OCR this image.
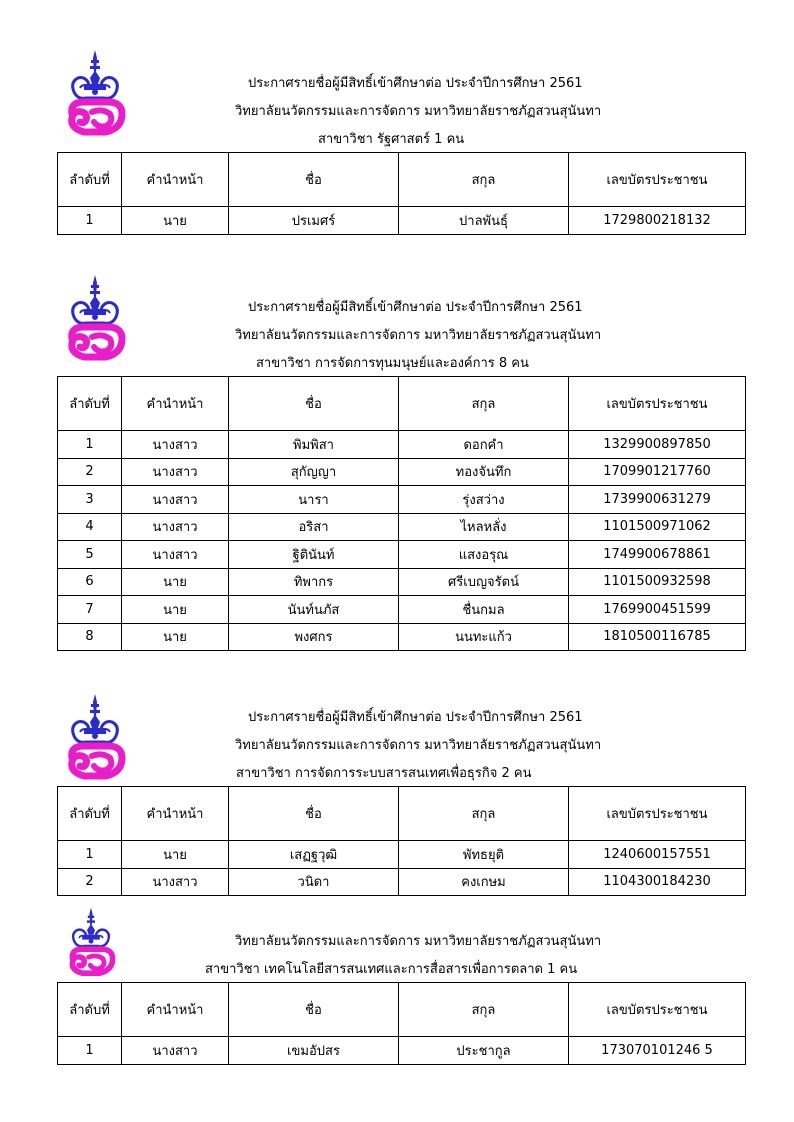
ประกาศรายชื่อผู้มีสิทธิ์เข้าศึกษาต่อ ประจำปีการศึกษา 2561
วิทยาลัยนวัตกรรมและการจัดการ มหาวิทยาลัยราชภัฏสวนสุนันทา
สาขาวิชา รัฐศาสตร์ 1 คน
ลำดับที่	คำนำหน้า	ชื่อ	สกุล	เลขบัตรประชาชน
1	นาย	ปรเมศร์	ปาลพันธุ์	1729800218132
ประกาศรายชื่อผู้มีสิทธิ์เข้าศึกษาต่อ ประจำปีการศึกษา 2561
วิทยาลัยนวัตกรรมและการจัดการ มหาวิทยาลัยราชภัฏสวนสุนันทา
สาขาวิชา การจัดการทุนมนุษย์และองค์การ 8 คน
ลำดับที่	คำนำหน้า	ชื่อ	สกุล	เลขบัตรประชาชน
1	นางสาว	พิมพิสา	ดอกคำ	1329900897850
2	นางสาว	สุกัญญา	ทองจันทึก	1709901217760
3	นางสาว	นารา	รุ่งสว่าง	1739900631279
4	นางสาว	อริสา	ไหลหลั่ง	1101500971062
5	นางสาว	ฐิตินันท์	แสงอรุณ	1749900678861
6	นาย	ทิพากร	ศรีเบญจรัตน์	1101500932598
7	นาย	นันท์นภัส	ชื่นกมล	1769900451599
8	นาย	พงศกร	นนทะแก้ว	1810500116785
ประกาศรายชื่อผู้มีสิทธิ์เข้าศึกษาต่อ ประจำปีการศึกษา 2561
วิทยาลัยนวัตกรรมและการจัดการ มหาวิทยาลัยราชภัฏสวนสุนันทา
สาขาวิชา การจัดการระบบสารสนเทศเพื่อธุรกิจ 2 คน
ลำดับที่	คำนำหน้า	ชื่อ	สกุล	เลขบัตรประชาชน
1	นาย	เสฏฐวุฒิ	พัทธยุติ	1240600157551
2	นางสาว	วนิดา	คงเกษม	1104300184230
วิทยาลัยนวัตกรรมและการจัดการ มหาวิทยาลัยราชภัฏสวนสุนันทา
สาขาวิชา เทคโนโลยีสารสนเทศและการสื่อสารเพื่อการตลาด 1 คน
ลำดับที่	คำนำหน้า	ชื่อ	สกุล	เลขบัตรประชาชน
1	นางสาว	เขมอัปสร	ประชากูล	173070101246 5
